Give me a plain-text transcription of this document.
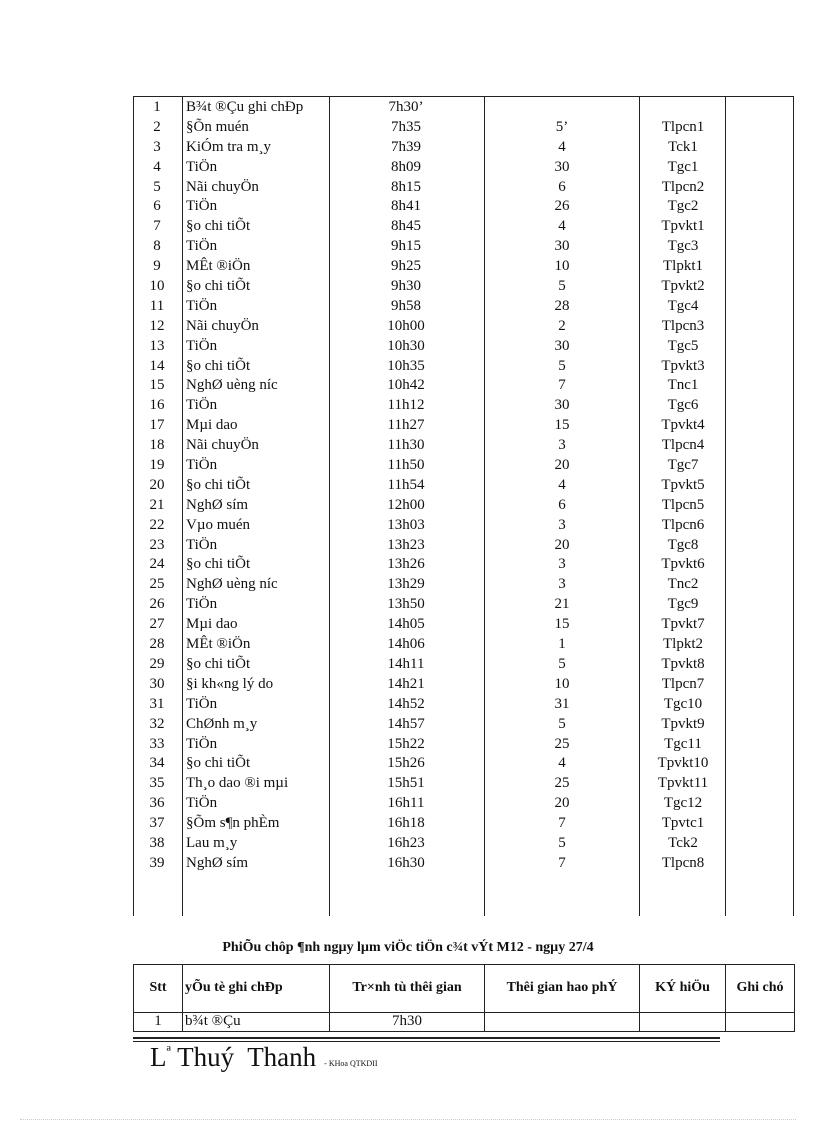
1	B¾t ®Çu ghi chÐp	7h30’
2	§Õn muén	7h35	5’	Tlpcn1
3	KiÓm tra m¸y	7h39	4	Tck1
4	TiÖn	8h09	30	Tgc1
5	Nãi chuyÖn	8h15	6	Tlpcn2
6	TiÖn	8h41	26	Tgc2
7	§o chi tiÕt	8h45	4	Tpvkt1
8	TiÖn	9h15	30	Tgc3
9	MÊt ®iÖn	9h25	10	Tlpkt1
10	§o chi tiÕt	9h30	5	Tpvkt2
11	TiÖn	9h58	28	Tgc4
12	Nãi chuyÖn	10h00	2	Tlpcn3
13	TiÖn	10h30	30	Tgc5
14	§o chi tiÕt	10h35	5	Tpvkt3
15	NghØ uèng níc	10h42	7	Tnc1
16	TiÖn	11h12	30	Tgc6
17	Mµi dao	11h27	15	Tpvkt4
18	Nãi chuyÖn	11h30	3	Tlpcn4
19	TiÖn	11h50	20	Tgc7
20	§o chi tiÕt	11h54	4	Tpvkt5
21	NghØ sím	12h00	6	Tlpcn5
22	Vµo muén	13h03	3	Tlpcn6
23	TiÖn	13h23	20	Tgc8
24	§o chi tiÕt	13h26	3	Tpvkt6
25	NghØ uèng níc	13h29	3	Tnc2
26	TiÖn	13h50	21	Tgc9
27	Mµi dao	14h05	15	Tpvkt7
28	MÊt ®iÖn	14h06	1	Tlpkt2
29	§o chi tiÕt	14h11	5	Tpvkt8
30	§i kh«ng lý do	14h21	10	Tlpcn7
31	TiÖn	14h52	31	Tgc10
32	ChØnh m¸y	14h57	5	Tpvkt9
33	TiÖn	15h22	25	Tgc11
34	§o chi tiÕt	15h26	4	Tpvkt10
35	Th¸o dao ®i mµi	15h51	25	Tpvkt11
36	TiÖn	16h11	20	Tgc12
37	§Õm s¶n phÈm	16h18	7	Tpvtc1
38	Lau m¸y	16h23	5	Tck2
39	NghØ sím	16h30	7	Tlpcn8
PhiÕu chôp ¶nh ngµy lµm viÖc tiÖn c¾t vÝt M12 - ngµy 27/4
Stt	yÕu tè ghi chÐp	Tr×nh tù thêi gian	Thêi gian hao phÝ	KÝ hiÖu	Ghi chó
1	b¾t ®Çu	7h30			
$L^ª$ Thuý  Thanh - KHoa QTKDII
